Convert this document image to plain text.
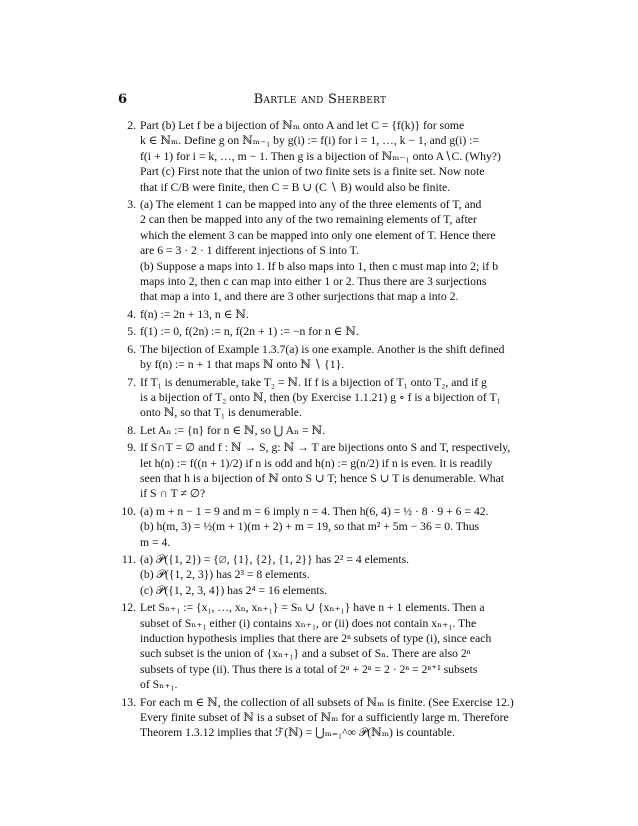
6	Bartle and Sherbert
2. Part (b) Let f be a bijection of ℕₘ onto A and let C = {f(k)} for some
k ∈ ℕₘ. Define g on ℕₘ₋₁ by g(i) := f(i) for i = 1, …, k − 1, and g(i) :=
f(i + 1) for i = k, …, m − 1. Then g is a bijection of ℕₘ₋₁ onto A∖C. (Why?)
Part (c) First note that the union of two finite sets is a finite set. Now note
that if C/B were finite, then C = B ∪ (C ∖ B) would also be finite.
3. (a) The element 1 can be mapped into any of the three elements of T, and
2 can then be mapped into any of the two remaining elements of T, after
which the element 3 can be mapped into only one element of T. Hence there
are 6 = 3 · 2 · 1 different injections of S into T.
(b) Suppose a maps into 1. If b also maps into 1, then c must map into 2; if b
maps into 2, then c can map into either 1 or 2. Thus there are 3 surjections
that map a into 1, and there are 3 other surjections that map a into 2.
4. f(n) := 2n + 13, n ∈ ℕ.
5. f(1) := 0, f(2n) := n, f(2n + 1) := −n for n ∈ ℕ.
6. The bijection of Example 1.3.7(a) is one example. Another is the shift defined
by f(n) := n + 1 that maps ℕ onto ℕ ∖ {1}.
7. If T₁ is denumerable, take T₂ = ℕ. If f is a bijection of T₁ onto T₂, and if g
is a bijection of T₂ onto ℕ, then (by Exercise 1.1.21) g ∘ f is a bijection of T₁
onto ℕ, so that T₁ is denumerable.
8. Let Aₙ := {n} for n ∈ ℕ, so ⋃ Aₙ = ℕ.
9. If S∩T = ∅ and f : ℕ → S, g: ℕ → T are bijections onto S and T, respectively,
let h(n) := f((n + 1)/2) if n is odd and h(n) := g(n/2) if n is even. It is readily
seen that h is a bijection of ℕ onto S ∪ T; hence S ∪ T is denumerable. What
if S ∩ T ≠ ∅?
10. (a) m + n − 1 = 9 and m = 6 imply n = 4. Then h(6, 4) = ½ · 8 · 9 + 6 = 42.
(b) h(m, 3) = ½(m + 1)(m + 2) + m = 19, so that m² + 5m − 36 = 0. Thus
m = 4.
11. (a) 𝒫({1, 2}) = {∅, {1}, {2}, {1, 2}} has 2² = 4 elements.
(b) 𝒫({1, 2, 3}) has 2³ = 8 elements.
(c) 𝒫({1, 2, 3, 4}) has 2⁴ = 16 elements.
12. Let Sₙ₊₁ := {x₁, …, xₙ, xₙ₊₁} = Sₙ ∪ {xₙ₊₁} have n + 1 elements. Then a
subset of Sₙ₊₁ either (i) contains xₙ₊₁, or (ii) does not contain xₙ₊₁. The
induction hypothesis implies that there are 2ⁿ subsets of type (i), since each
such subset is the union of {xₙ₊₁} and a subset of Sₙ. There are also 2ⁿ
subsets of type (ii). Thus there is a total of 2ⁿ + 2ⁿ = 2 · 2ⁿ = 2ⁿ⁺¹ subsets
of Sₙ₊₁.
13. For each m ∈ ℕ, the collection of all subsets of ℕₘ is finite. (See Exercise 12.)
Every finite subset of ℕ is a subset of ℕₘ for a sufficiently large m. Therefore
Theorem 1.3.12 implies that ℱ(ℕ) = ⋃ₘ₌₁^∞ 𝒫(ℕₘ) is countable.
